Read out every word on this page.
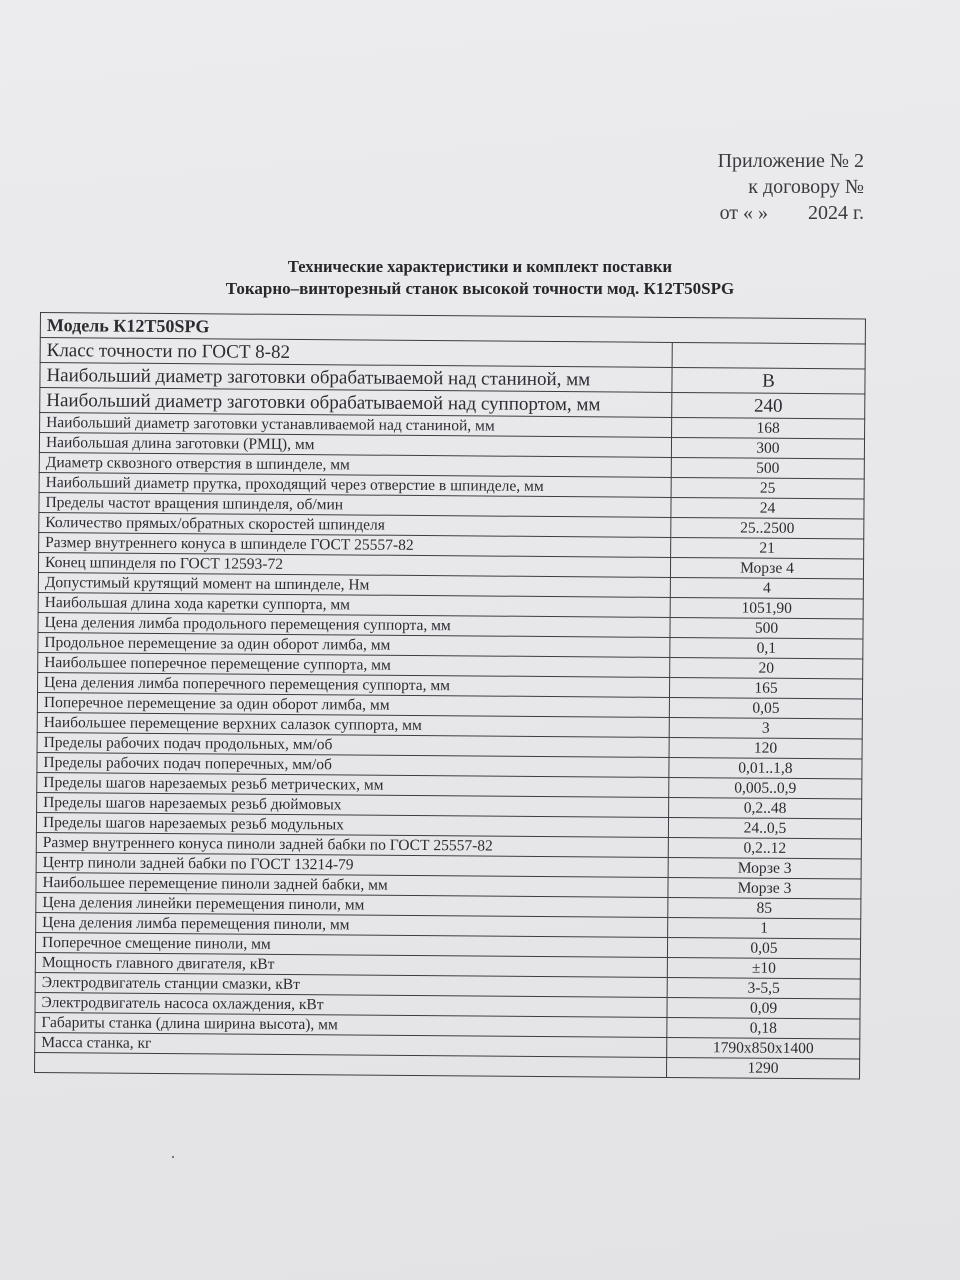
Приложение № 2
к договору №
от « » 2024 г.
Технические характеристики и комплект поставки
Токарно–винторезный станок высокой точности мод. К12Т50SPG
Модель К12Т50SPG	
Класс точности по ГОСТ 8-82	
Наибольший диаметр заготовки обрабатываемой над станиной, мм	B
Наибольший диаметр заготовки обрабатываемой над суппортом, мм	240
Наибольший диаметр заготовки устанавливаемой над станиной, мм	168
Наибольшая длина заготовки (РМЦ), мм	300
Диаметр сквозного отверстия в шпинделе, мм	500
Наибольший диаметр прутка, проходящий через отверстие в шпинделе, мм	25
Пределы частот вращения шпинделя, об/мин	24
Количество прямых/обратных скоростей шпинделя	25..2500
Размер внутреннего конуса в шпинделе ГОСТ 25557-82	21
Конец шпинделя по ГОСТ 12593-72	Морзе 4
Допустимый крутящий момент на шпинделе, Нм	4
Наибольшая длина хода каретки суппорта, мм	1051,90
Цена деления лимба продольного перемещения суппорта, мм	500
Продольное перемещение за один оборот лимба, мм	0,1
Наибольшее поперечное перемещение суппорта, мм	20
Цена деления лимба поперечного перемещения суппорта, мм	165
Поперечное перемещение за один оборот лимба, мм	0,05
Наибольшее перемещение верхних салазок суппорта, мм	3
Пределы рабочих подач продольных, мм/об	120
Пределы рабочих подач поперечных, мм/об	0,01..1,8
Пределы шагов нарезаемых резьб метрических, мм	0,005..0,9
Пределы шагов нарезаемых резьб дюймовых	0,2..48
Пределы шагов нарезаемых резьб модульных	24..0,5
Размер внутреннего конуса пиноли задней бабки по ГОСТ 25557-82	0,2..12
Центр пиноли задней бабки по ГОСТ 13214-79	Морзе 3
Наибольшее перемещение пиноли задней бабки, мм	Морзе 3
Цена деления линейки перемещения пиноли, мм	85
Цена деления лимба перемещения пиноли, мм	1
Поперечное смещение пиноли, мм	0,05
Мощность главного двигателя, кВт	±10
Электродвигатель станции смазки, кВт	3-5,5
Электродвигатель насоса охлаждения, кВт	0,09
Габариты станка (длина ширина высота), мм	0,18
Масса станка, кг	1790x850x1400
	1290
